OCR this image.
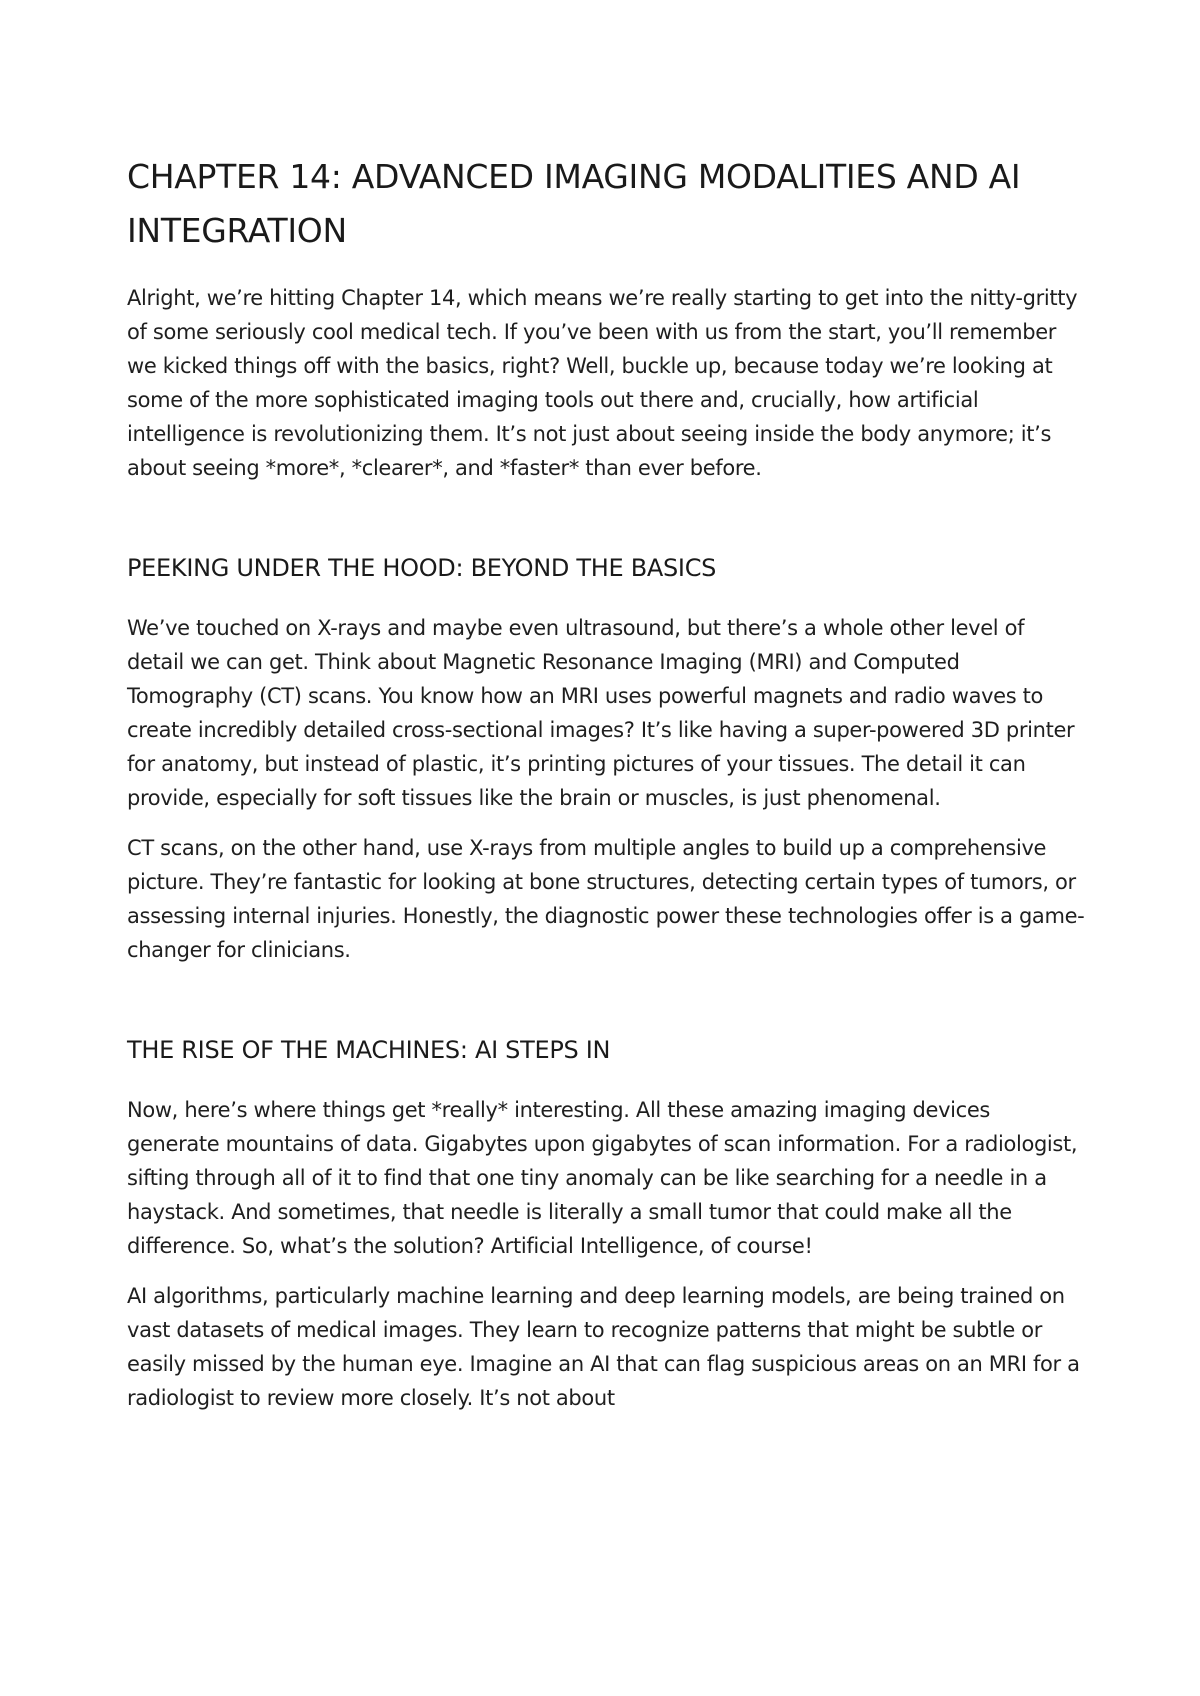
CHAPTER 14: ADVANCED IMAGING MODALITIES AND AI INTEGRATION

Alright, we’re hitting Chapter 14, which means we’re really starting to get into the nitty-gritty of some seriously cool medical tech. If you’ve been with us from the start, you’ll remember we kicked things off with the basics, right? Well, buckle up, because today we’re looking at some of the more sophisticated imaging tools out there and, crucially, how artificial intelligence is revolutionizing them. It’s not just about seeing inside the body anymore; it’s about seeing *more*, *clearer*, and *faster* than ever before.

PEEKING UNDER THE HOOD: BEYOND THE BASICS

We’ve touched on X-rays and maybe even ultrasound, but there’s a whole other level of detail we can get. Think about Magnetic Resonance Imaging (MRI) and Computed Tomography (CT) scans. You know how an MRI uses powerful magnets and radio waves to create incredibly detailed cross-sectional images? It’s like having a super-powered 3D printer for anatomy, but instead of plastic, it’s printing pictures of your tissues. The detail it can provide, especially for soft tissues like the brain or muscles, is just phenomenal.

CT scans, on the other hand, use X-rays from multiple angles to build up a comprehensive picture. They’re fantastic for looking at bone structures, detecting certain types of tumors, or assessing internal injuries. Honestly, the diagnostic power these technologies offer is a game-changer for clinicians.

THE RISE OF THE MACHINES: AI STEPS IN

Now, here’s where things get *really* interesting. All these amazing imaging devices generate mountains of data. Gigabytes upon gigabytes of scan information. For a radiologist, sifting through all of it to find that one tiny anomaly can be like searching for a needle in a haystack. And sometimes, that needle is literally a small tumor that could make all the difference. So, what’s the solution? Artificial Intelligence, of course!

AI algorithms, particularly machine learning and deep learning models, are being trained on vast datasets of medical images. They learn to recognize patterns that might be subtle or easily missed by the human eye. Imagine an AI that can flag suspicious areas on an MRI for a radiologist to review more closely. It’s not about
